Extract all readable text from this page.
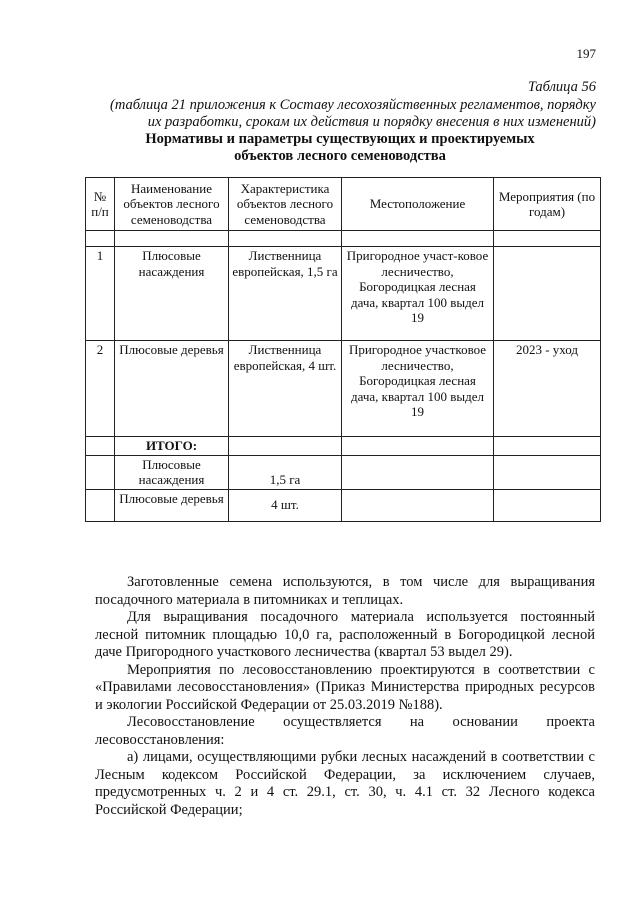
197
Таблица 56
(таблица 21 приложения к Составу лесохозяйственных регламентов, порядку
их разработки, срокам их действия и порядку внесения в них изменений)
Нормативы и параметры существующих и проектируемых
объектов лесного семеноводства
№ п/п	Наименование объектов лесного семеноводства	Характеристика объектов лесного семеноводства	Местоположение	Мероприятия (по годам)

1	Плюсовые насаждения	Лиственница европейская, 1,5 га	Пригородное участ-ковое лесничество, Богородицкая лесная дача, квартал 100 выдел 19	
2	Плюсовые деревья	Лиственница европейская, 4 шт.	Пригородное участковое лесничество, Богородицкая лесная дача, квартал 100 выдел 19	2023 - уход
	ИТОГО:			
	Плюсовые насаждения	1,5 га		
	Плюсовые деревья	4 шт.		

Заготовленные семена используются, в том числе для выращивания посадочного материала в питомниках и теплицах.

Для выращивания посадочного материала используется постоянный лесной питомник площадью 10,0 га, расположенный в Богородицкой лесной даче Пригородного участкового лесничества (квартал 53 выдел 29).

Мероприятия по лесовосстановлению проектируются в соответствии с «Правилами лесовосстановления» (Приказ Министерства природных ресурсов и экологии Российской Федерации от 25.03.2019 №188).

Лесовосстановление осуществляется на основании проекта лесовосстановления:

а) лицами, осуществляющими рубки лесных насаждений в соответствии с Лесным кодексом Российской Федерации, за исключением случаев, предусмотренных ч. 2 и 4 ст. 29.1, ст. 30, ч. 4.1 ст. 32 Лесного кодекса Российской Федерации;
